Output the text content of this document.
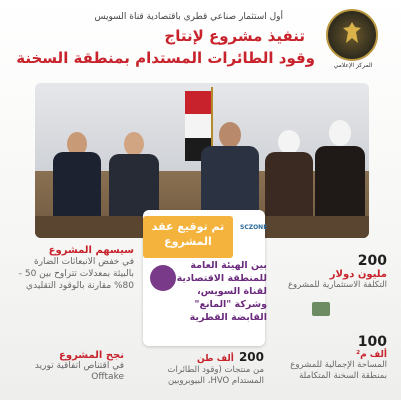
المركز الإعلامي
أول استثمار صناعي قطري باقتصادية قناة السويس
تنفيذ مشروع لإنتاج
وقود الطائرات المستدام بمنطقة السخنة
تم توقيع عقد المشروع
SCZONE
بين الهيئة العامة للمنطقة الاقتصادية لقناة السويس، وشركة "المانع" القابضة القطرية
200
مليون دولار
التكلفة الاستثمارية للمشروع
100
ألف م²
المساحة الإجمالية للمشروع بمنطقة السخنة المتكاملة
سيسهم المشروع
في خفض الانبعاثات الضارة بالبيئة بمعدلات تتراوح بين 50 - 80% مقارنة بالوقود التقليدي
نجح المشروع
في اقتناص اتفاقية توريد Offtake
200 ألف طن
من منتجات (وقود الطائرات المستدام HVO، البيوبروبين
